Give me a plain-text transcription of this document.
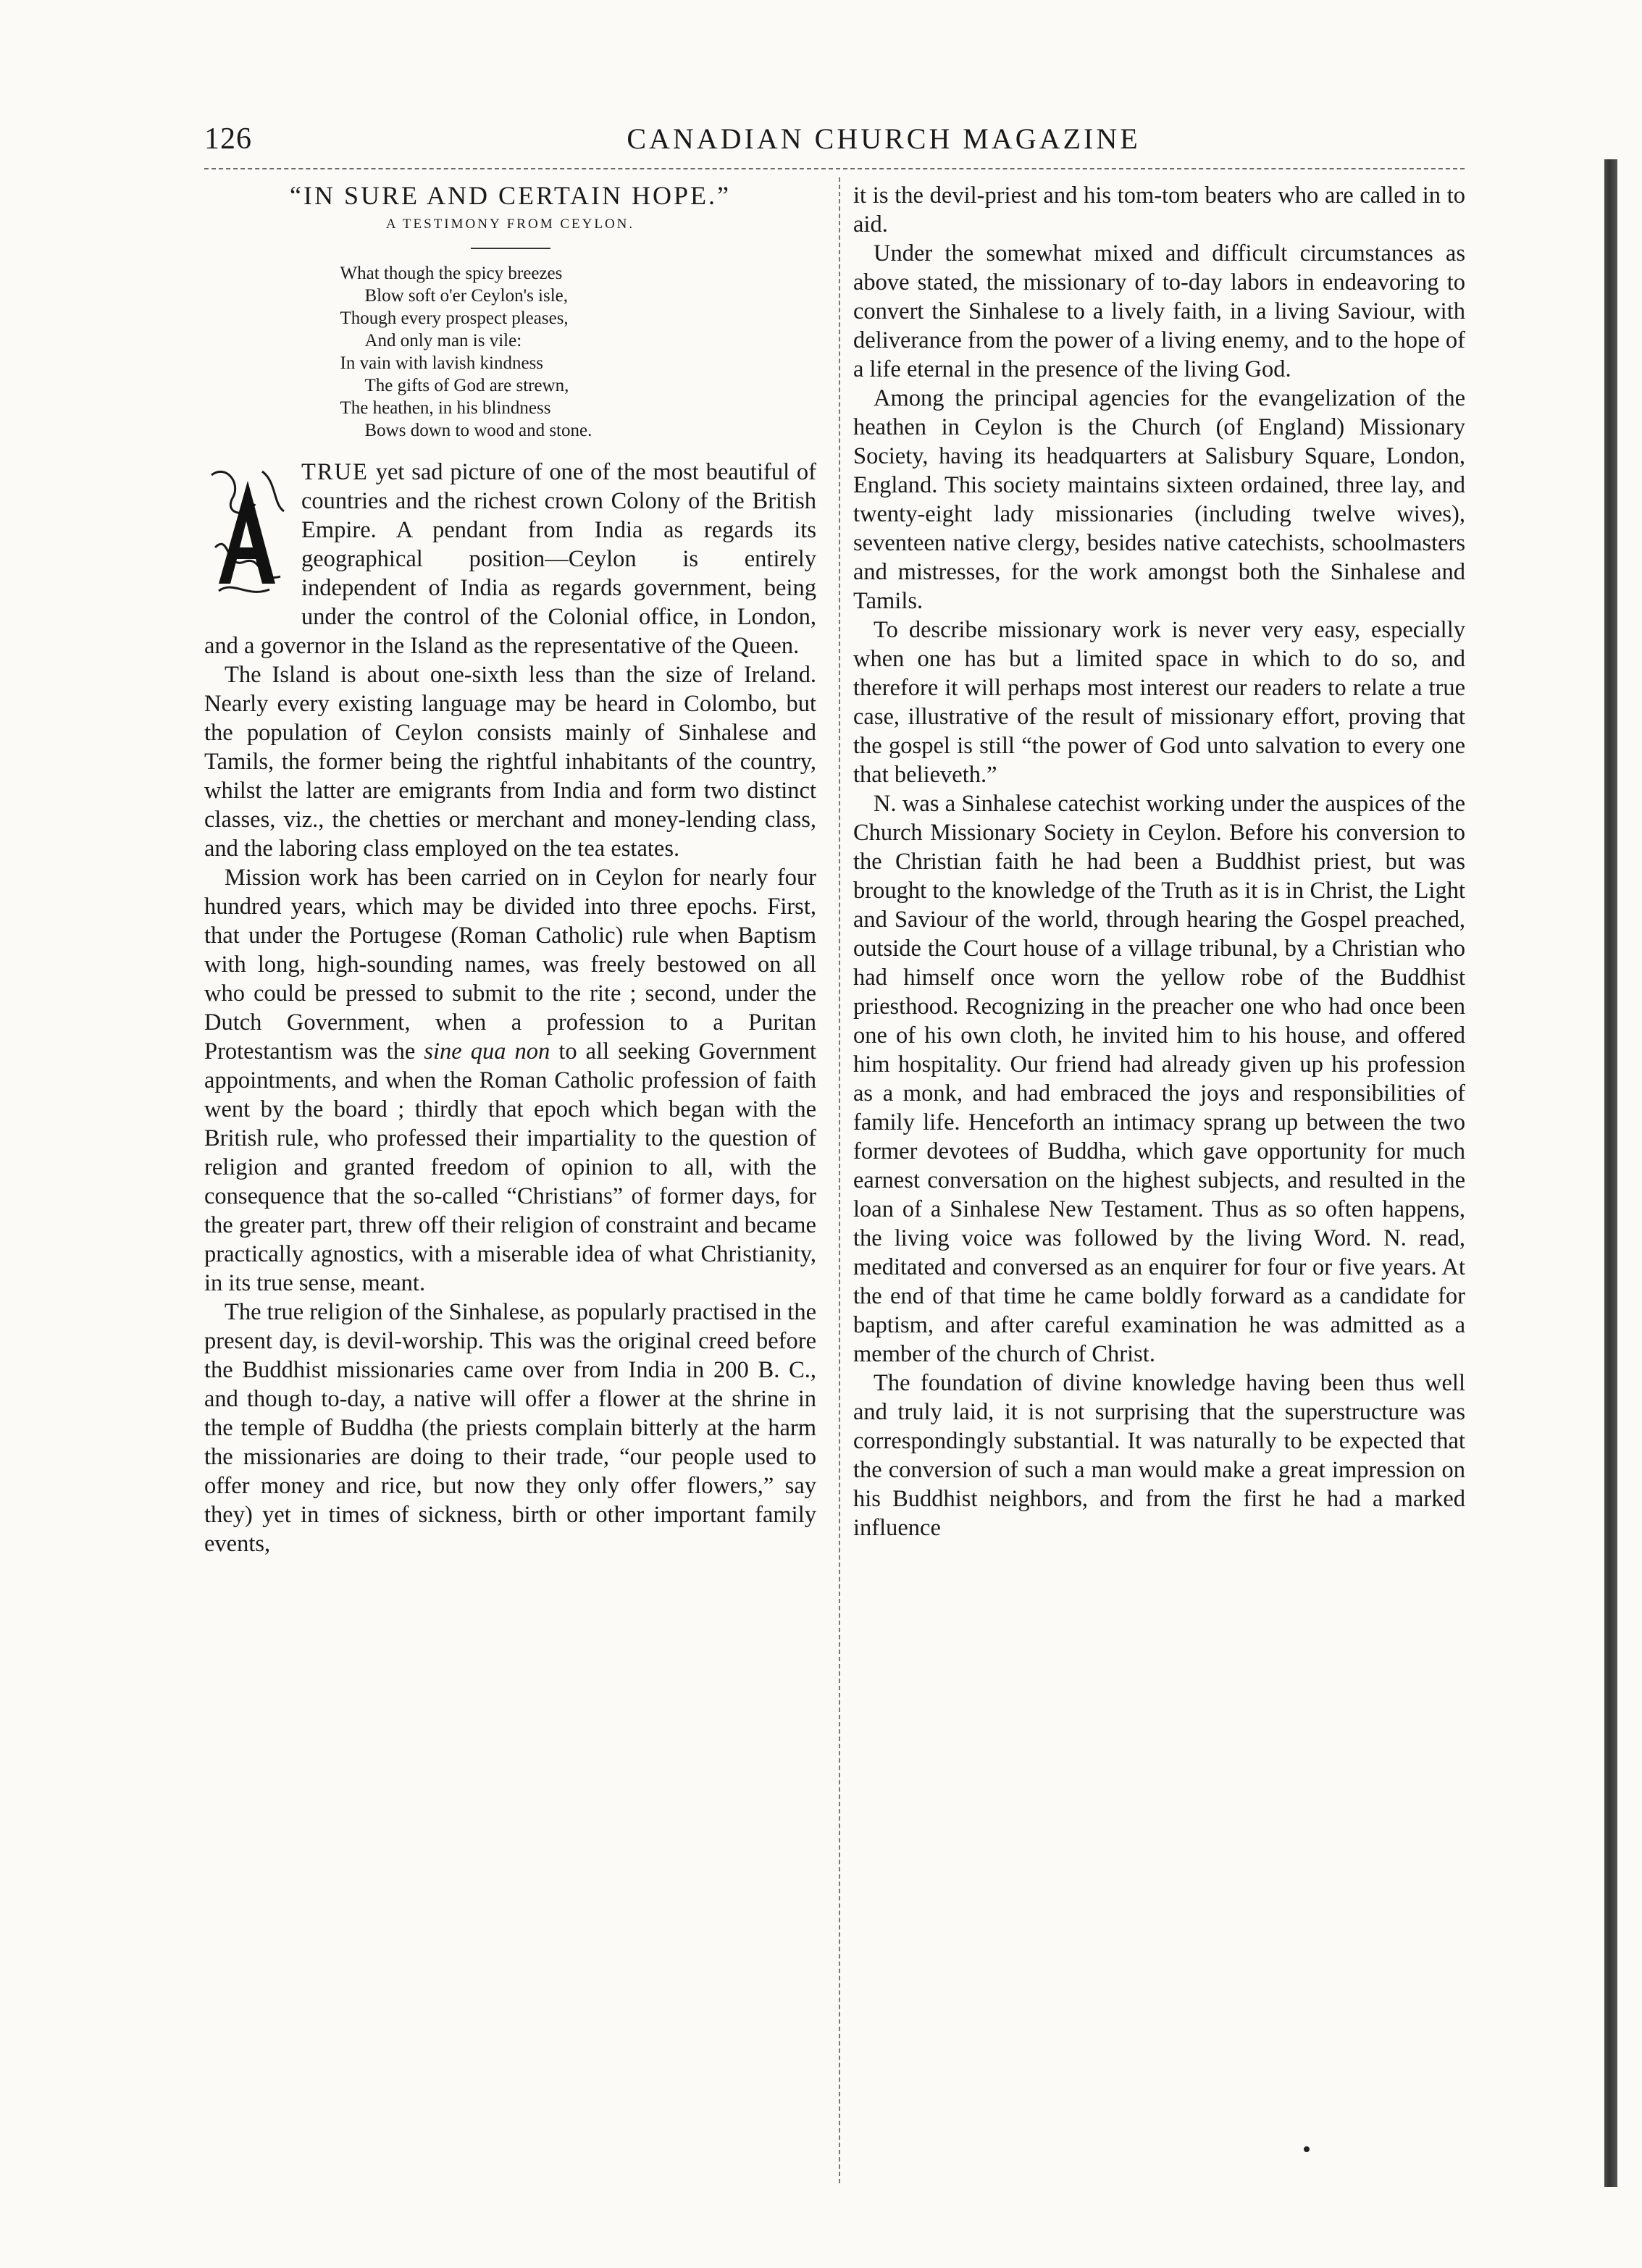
126	CANADIAN CHURCH MAGAZINE

“IN SURE AND CERTAIN HOPE.”

A TESTIMONY FROM CEYLON.
What though the spicy breezes
Blow soft o'er Ceylon's isle,
Though every prospect pleases,
And only man is vile:
In vain with lavish kindness
The gifts of God are strewn,
The heathen, in his blindness
Bows down to wood and stone.

A
TRUE yet sad picture of one of the most beautiful of countries and the richest crown Colony of the British Empire. A pendant from India as regards its geographical position—Ceylon is entirely independent of India as regards government, being under the control of the Colonial office, in London, and a governor in the Island as the representative of the Queen.

The Island is about one-sixth less than the size of Ireland. Nearly every existing language may be heard in Colombo, but the population of Ceylon consists mainly of Sinhalese and Tamils, the former being the rightful inhabitants of the country, whilst the latter are emigrants from India and form two distinct classes, viz., the chetties or merchant and money-lending class, and the laboring class employed on the tea estates.

Mission work has been carried on in Ceylon for nearly four hundred years, which may be divided into three epochs. First, that under the Portugese (Roman Catholic) rule when Baptism with long, high-sounding names, was freely bestowed on all who could be pressed to submit to the rite ; second, under the Dutch Government, when a profession to a Puritan Protestantism was the sine qua non to all seeking Government appointments, and when the Roman Catholic profession of faith went by the board ; thirdly that epoch which began with the British rule, who professed their impartiality to the question of religion and granted freedom of opinion to all, with the consequence that the so-called “Christians” of former days, for the greater part, threw off their religion of constraint and became practically agnostics, with a miserable idea of what Christianity, in its true sense, meant.

The true religion of the Sinhalese, as popularly practised in the present day, is devil-worship. This was the original creed before the Buddhist missionaries came over from India in 200 B. C., and though to-day, a native will offer a flower at the shrine in the temple of Buddha (the priests complain bitterly at the harm the missionaries are doing to their trade, “our people used to offer money and rice, but now they only offer flowers,” say they) yet in times of sickness, birth or other important family events,

it is the devil-priest and his tom-tom beaters who are called in to aid.

Under the somewhat mixed and difficult circumstances as above stated, the missionary of to-day labors in endeavoring to convert the Sinhalese to a lively faith, in a living Saviour, with deliverance from the power of a living enemy, and to the hope of a life eternal in the presence of the living God.

Among the principal agencies for the evangelization of the heathen in Ceylon is the Church (of England) Missionary Society, having its headquarters at Salisbury Square, London, England. This society maintains sixteen ordained, three lay, and twenty-eight lady missionaries (including twelve wives), seventeen native clergy, besides native catechists, schoolmasters and mistresses, for the work amongst both the Sinhalese and Tamils.

To describe missionary work is never very easy, especially when one has but a limited space in which to do so, and therefore it will perhaps most interest our readers to relate a true case, illustrative of the result of missionary effort, proving that the gospel is still “the power of God unto salvation to every one that believeth.”

N. was a Sinhalese catechist working under the auspices of the Church Missionary Society in Ceylon. Before his conversion to the Christian faith he had been a Buddhist priest, but was brought to the knowledge of the Truth as it is in Christ, the Light and Saviour of the world, through hearing the Gospel preached, outside the Court house of a village tribunal, by a Christian who had himself once worn the yellow robe of the Buddhist priesthood. Recognizing in the preacher one who had once been one of his own cloth, he invited him to his house, and offered him hospitality. Our friend had already given up his profession as a monk, and had embraced the joys and responsibilities of family life. Henceforth an intimacy sprang up between the two former devotees of Buddha, which gave opportunity for much earnest conversation on the highest subjects, and resulted in the loan of a Sinhalese New Testament. Thus as so often happens, the living voice was followed by the living Word. N. read, meditated and conversed as an enquirer for four or five years. At the end of that time he came boldly forward as a candidate for baptism, and after careful examination he was admitted as a member of the church of Christ.

The foundation of divine knowledge having been thus well and truly laid, it is not surprising that the superstructure was correspondingly substantial. It was naturally to be expected that the conversion of such a man would make a great impression on his Buddhist neighbors, and from the first he had a marked influence
